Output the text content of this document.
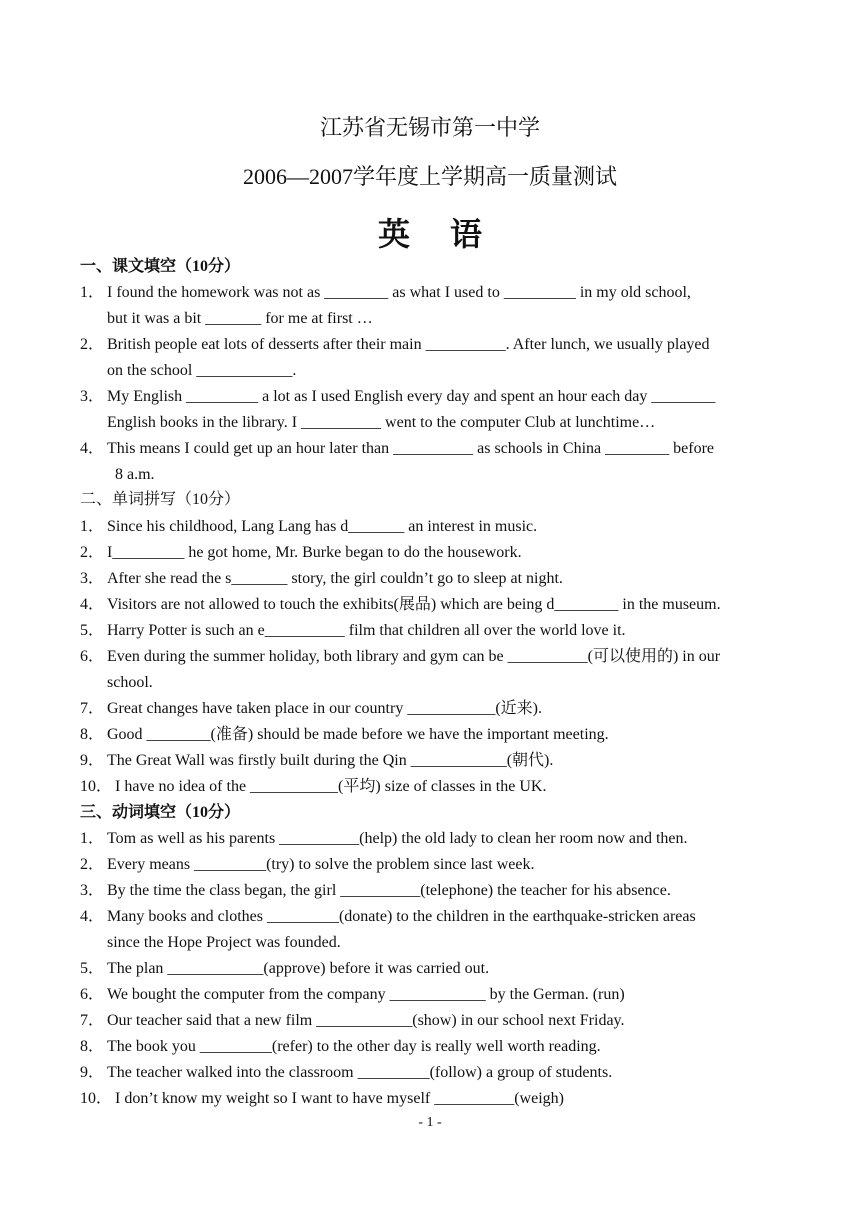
江苏省无锡市第一中学
2006—2007学年度上学期高一质量测试
英语
一、课文填空（10分）
1． I found the homework was not as ________ as what I used to _________ in my old school,
but it was a bit _______ for me at first …
2． British people eat lots of desserts after their main __________. After lunch, we usually played
on the school ____________.
3． My English _________ a lot as I used English every day and spent an hour each day ________
English books in the library. I __________ went to the computer Club at lunchtime…
4． This means I could get up an hour later than __________ as schools in China ________ before
8 a.m.
二、单词拼写（10分）
1． Since his childhood, Lang Lang has d_______ an interest in music.
2． I_________ he got home, Mr. Burke began to do the housework.
3． After she read the s_______ story, the girl couldn’t go to sleep at night.
4． Visitors are not allowed to touch the exhibits(展品) which are being d________ in the museum.
5． Harry Potter is such an e__________ film that children all over the world love it.
6． Even during the summer holiday, both library and gym can be __________(可以使用的) in our
school.
7． Great changes have taken place in our country ___________(近来).
8． Good ________(准备) should be made before we have the important meeting.
9． The Great Wall was firstly built during the Qin ____________(朝代).
10． I have no idea of the ___________(平均) size of classes in the UK.
三、动词填空（10分）
1． Tom as well as his parents __________(help) the old lady to clean her room now and then.
2． Every means _________(try) to solve the problem since last week.
3． By the time the class began, the girl __________(telephone) the teacher for his absence.
4． Many books and clothes _________(donate) to the children in the earthquake-stricken areas
since the Hope Project was founded.
5． The plan ____________(approve) before it was carried out.
6． We bought the computer from the company ____________ by the German. (run)
7． Our teacher said that a new film ____________(show) in our school next Friday.
8． The book you _________(refer) to the other day is really well worth reading.
9． The teacher walked into the classroom _________(follow) a group of students.
10． I don’t know my weight so I want to have myself __________(weigh)
- 1 -
